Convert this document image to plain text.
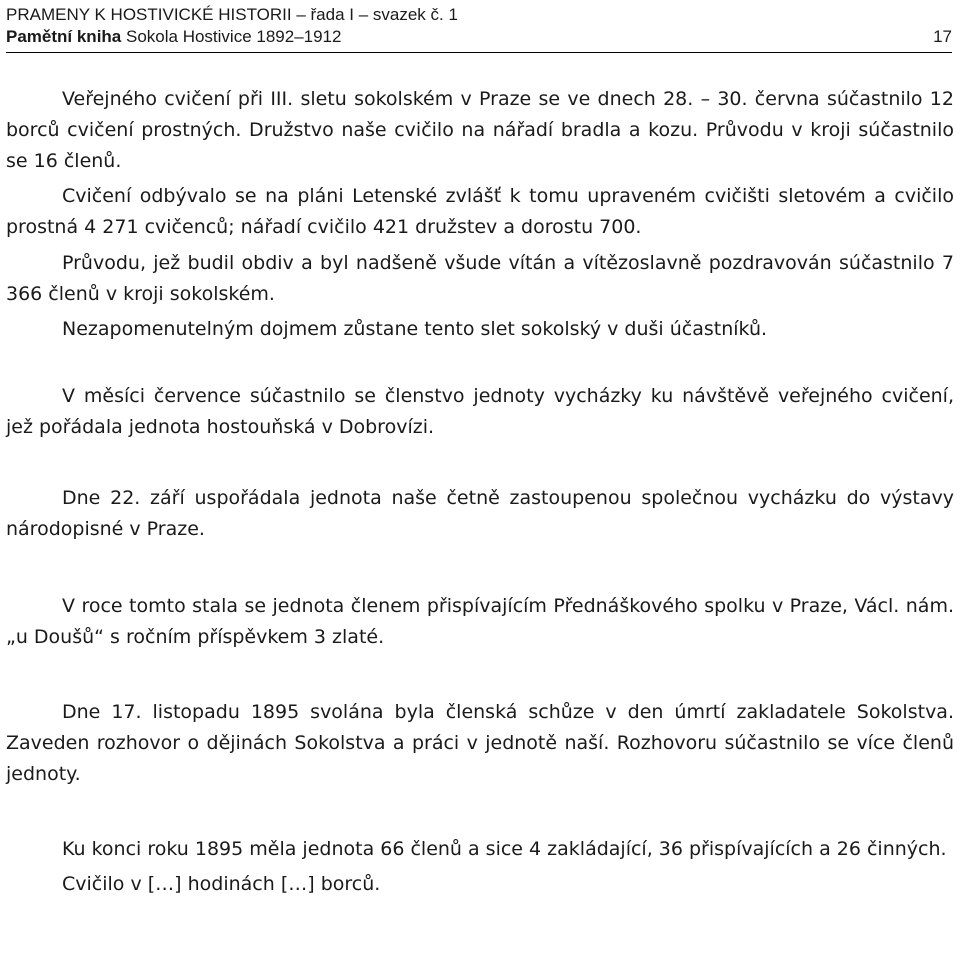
PRAMENY K HOSTIVICKÉ HISTORII – řada I – svazek č. 1
Pamětní kniha Sokola Hostivice 1892–1912	17

Veřejného cvičení při III. sletu sokolském v Praze se ve dnech 28. – 30. června súčastnilo 12 borců cvičení prostných. Družstvo naše cvičilo na nářadí bradla a kozu. Průvodu v kroji súčastnilo se 16 členů.

Cvičení odbývalo se na pláni Letenské zvlášť k tomu upraveném cvičišti sletovém a cvičilo prostná 4 271 cvičenců; nářadí cvičilo 421 družstev a dorostu 700.

Průvodu, jež budil obdiv a byl nadšeně všude vítán a vítězoslavně pozdravován súčastnilo 7 366 členů v kroji sokolském.

Nezapomenutelným dojmem zůstane tento slet sokolský v duši účastníků.

V měsíci července súčastnilo se členstvo jednoty vycházky ku návštěvě veřejného cvičení, jež pořádala jednota hostouňská v Dobrovízi.

Dne 22. září uspořádala jednota naše četně zastoupenou společnou vycházku do výstavy národopisné v Praze.

V roce tomto stala se jednota členem přispívajícím Přednáškového spolku v Praze, Václ. nám. „u Doušů“ s ročním příspěvkem 3 zlaté.

Dne 17. listopadu 1895 svolána byla členská schůze v den úmrtí zakladatele Sokolstva. Zaveden rozhovor o dějinách Sokolstva a práci v jednotě naší. Rozhovoru súčastnilo se více členů jednoty.

Ku konci roku 1895 měla jednota 66 členů a sice 4 zakládající, 36 přispívajících a 26 činných.

Cvičilo v […] hodinách […] borců.
